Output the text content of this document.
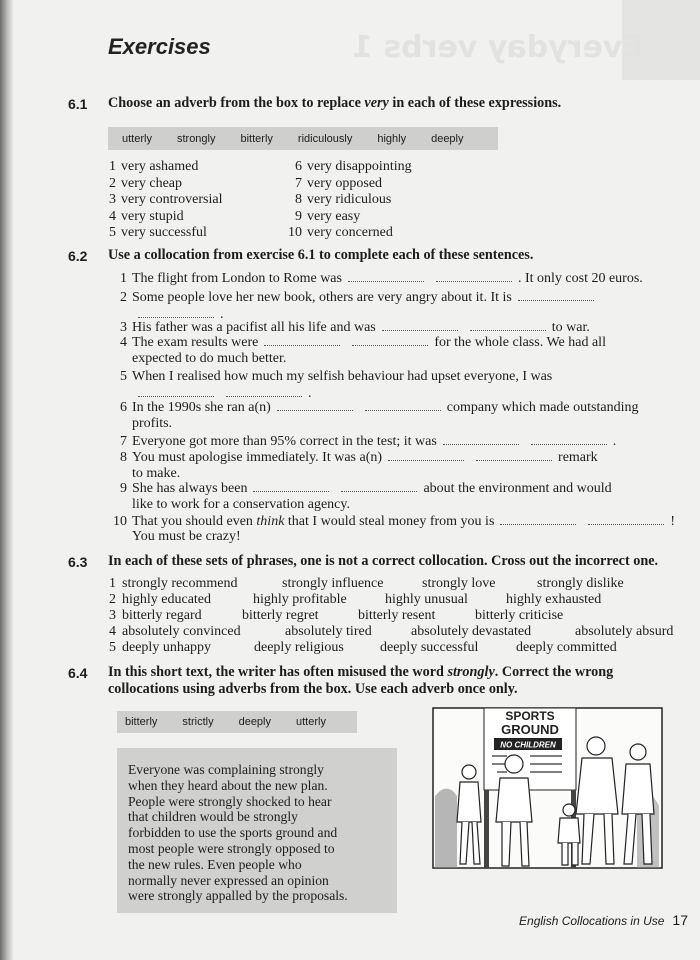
Everyday verbs 1
Exercises
6.1 Choose an adverb from the box to replace very in each of these expressions.
utterly strongly bitterly ridiculously highly deeply
1 very ashamed
2 very cheap
3 very controversial
4 very stupid
5 very successful
6 very disappointing
7 very opposed
8 very ridiculous
9 very easy
10 very concerned
6.2 Use a collocation from exercise 6.1 to complete each of these sentences.
1 The flight from London to Rome was	. It only cost 20 euros.
2 Some people love her new book, others are very angry about it. It is
.
3 His father was a pacifist all his life and was	to war.
4 The exam results were	for the whole class. We had all
expected to do much better.
5 When I realised how much my selfish behaviour had upset everyone, I was
.
6 In the 1990s she ran a(n)	company which made outstanding
profits.
7 Everyone got more than 95% correct in the test; it was	.
8 You must apologise immediately. It was a(n)	remark
to make.
9 She has always been	about the environment and would
like to work for a conservation agency.
10 That you should even think that I would steal money from you is	!
You must be crazy!
6.3 In each of these sets of phrases, one is not a correct collocation. Cross out the incorrect one.
1 strongly recommend	strongly influence	strongly love	strongly dislike
2 highly educated	highly profitable	highly unusual	highly exhausted
3 bitterly regard	bitterly regret	bitterly resent	bitterly criticise
4 absolutely convinced	absolutely tired	absolutely devastated	absolutely absurd
5 deeply unhappy	deeply religious	deeply successful	deeply committed
6.4 In this short text, the writer has often misused the word strongly. Correct the wrong
collocations using adverbs from the box. Use each adverb once only.
bitterly strictly deeply utterly
Everyone was complaining strongly
when they heard about the new plan.
People were strongly shocked to hear
that children would be strongly
forbidden to use the sports ground and
most people were strongly opposed to
the new rules. Even people who
normally never expressed an opinion
were strongly appalled by the proposals.
SPORTS
GROUND
NO CHILDREN
English Collocations in Use 17
